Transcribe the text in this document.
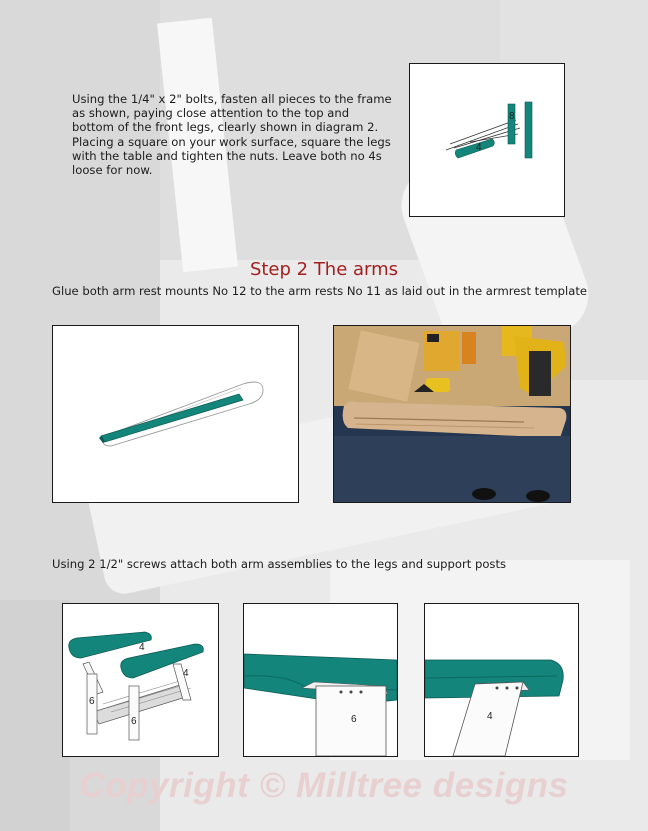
Using the 1/4" x 2" bolts, fasten all pieces to the frame as shown, paying close attention to the top and bottom of the front legs, clearly shown in diagram 2. Placing a square on your work surface, square the legs with the table and tighten the nuts. Leave both no 4s loose for now.
8
4
Step 2 The arms
Glue both arm rest mounts No 12 to the arm rests No 11 as laid out in the armrest template
Using 2 1/2" screws attach both arm assemblies to the legs and support posts
4
4
6
6	6	4
Copyright © Milltree designs
